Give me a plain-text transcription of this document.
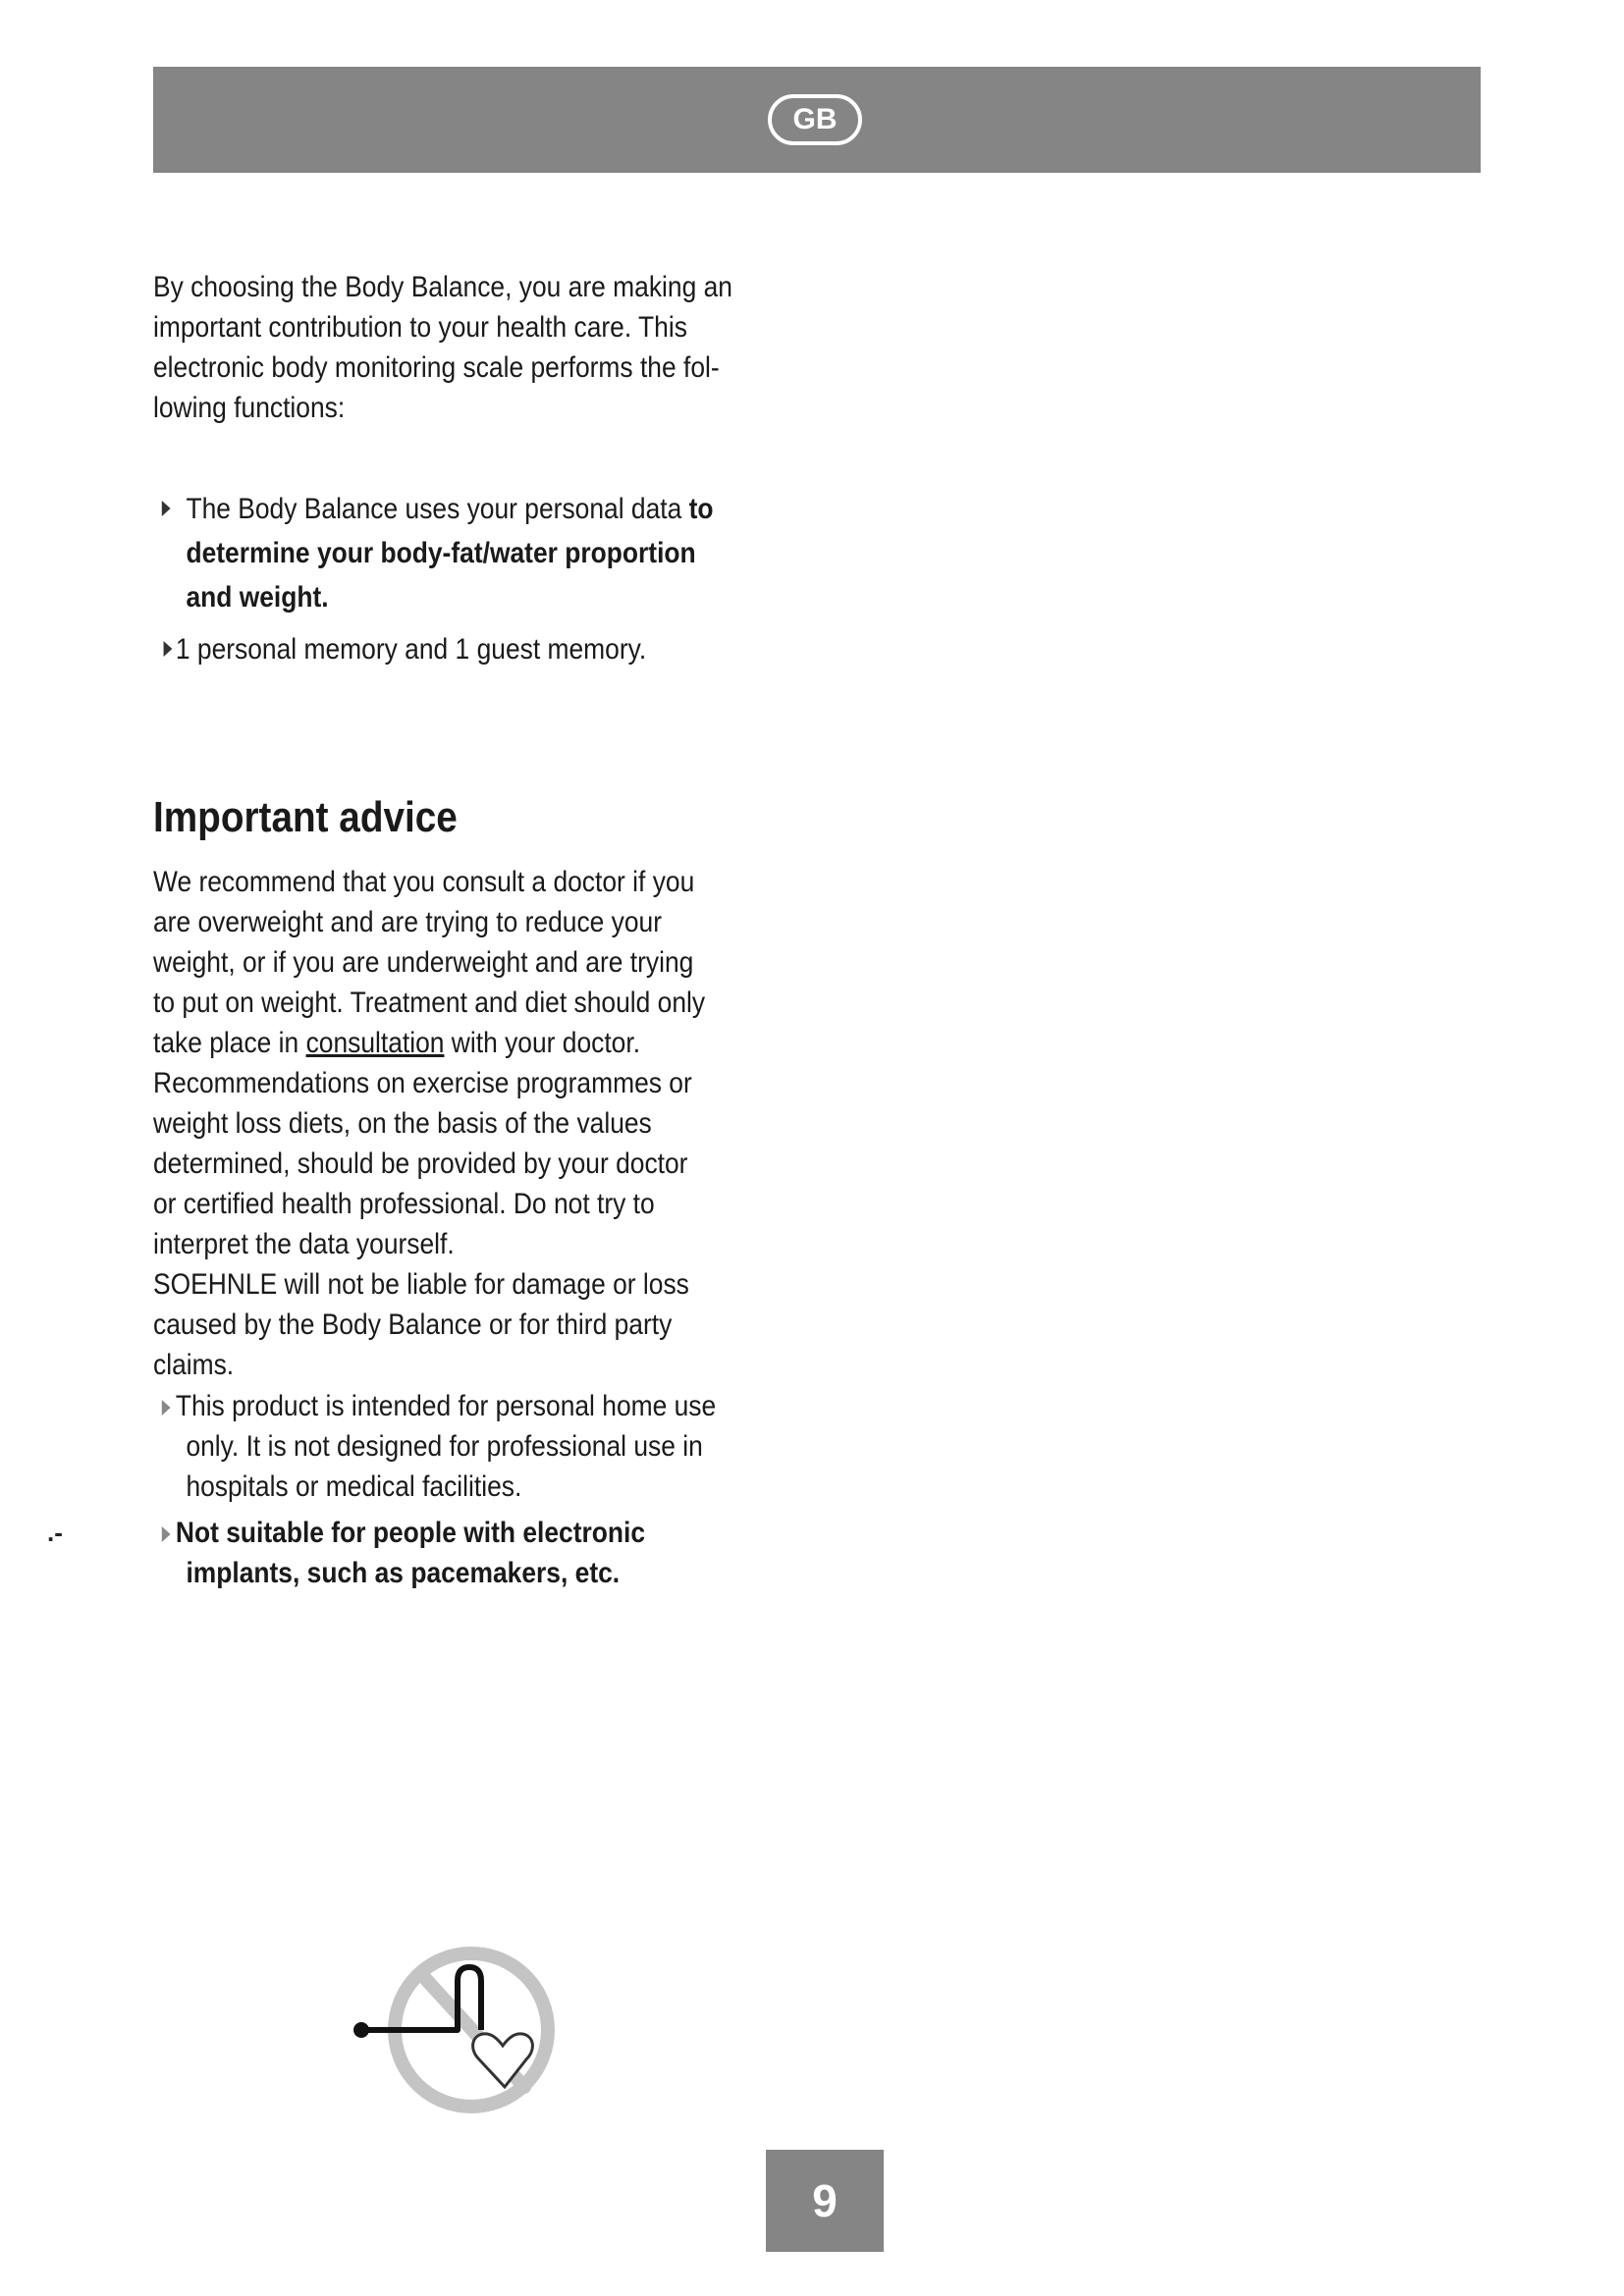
GB

By choosing the Body Balance, you are making an

important contribution to your health care. This

electronic body monitoring scale performs the fol-

lowing functions:

The Body Balance uses your personal data to
determine your body-fat/water proportion
and weight.
1 personal memory and 1 guest memory.
Important advice

We recommend that you consult a doctor if you

are overweight and are trying to reduce your

weight, or if you are underweight and are trying

to put on weight. Treatment and diet should only

take place in consultation with your doctor.

Recommendations on exercise programmes or

weight loss diets, on the basis of the values

determined, should be provided by your doctor

or certified health professional. Do not try to

interpret the data yourself.

SOEHNLE will not be liable for damage or loss

caused by the Body Balance or for third party

claims.

This product is intended for personal home use
only. It is not designed for professional use in
hospitals or medical facilities.
Not suitable for people with electronic
implants, such as pacemakers, etc.
.-
9
